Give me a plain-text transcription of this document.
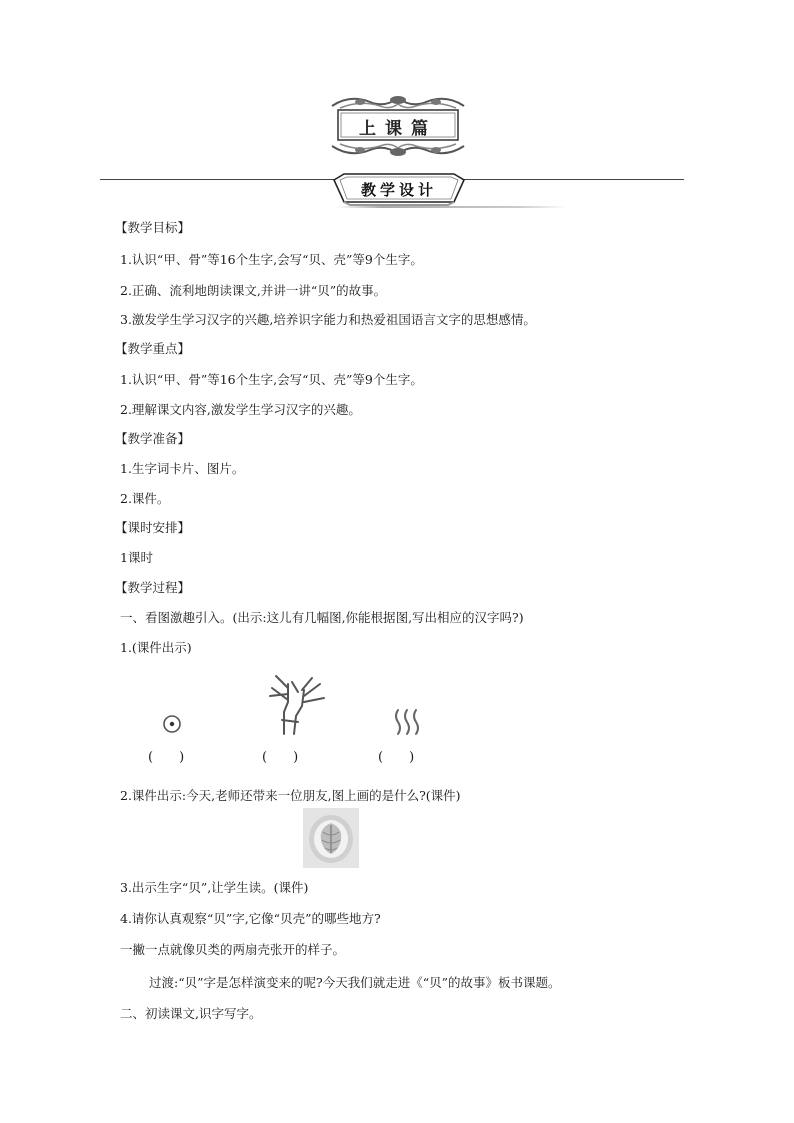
上课篇
教学设计
【教学目标】
1.认识“甲、骨”等16个生字,会写“贝、壳”等9个生字。
2.正确、流利地朗读课文,并讲一讲“贝”的故事。
3.激发学生学习汉字的兴趣,培养识字能力和热爱祖国语言文字的思想感情。
【教学重点】
1.认识“甲、骨”等16个生字,会写“贝、壳”等9个生字。
2.理解课文内容,激发学生学习汉字的兴趣。
【教学准备】
1.生字词卡片、图片。
2.课件。
【课时安排】
1课时
【教学过程】
一、看图激趣引入。(出示:这儿有几幅图,你能根据图,写出相应的汉字吗?)
1.(课件出示)
(　　)	(　　)	(　　)
2.课件出示:今天,老师还带来一位朋友,图上画的是什么?(课件)
3.出示生字“贝”,让学生读。(课件)
4.请你认真观察“贝”字,它像“贝壳”的哪些地方?
一撇一点就像贝类的两扇壳张开的样子。
过渡:“贝”字是怎样演变来的呢?今天我们就走进《“贝”的故事》板书课题。
二、初读课文,识字写字。
